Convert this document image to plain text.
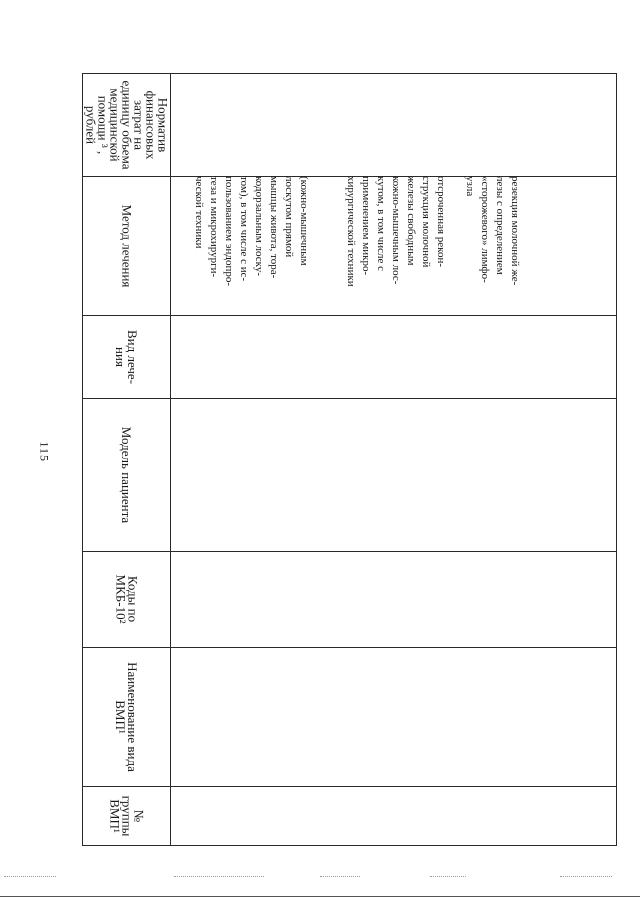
115
Норматив
финансовых
затрат на
единицу объема
медицинской
помощи ³ ,
рублей
Метод лечения
Вид лече-
ния
Модель пациента
Коды по
МКБ-10²
Наименование вида
ВМП¹
№
группы
ВМП¹
(кожно-мышечным
лоскутом прямой
мышцы живота, тора-
кодорзальным лоску-
том), в том числе с ис-
пользованием эндопро-
теза и микрохирурги-
ческой техники	отсроченная рекон-
струкция молочной
железы свободным
кожно-мышечным лос-
кутом, в том числе с
применением микро-
хирургической техники
резекция молочной же-
лезы с определением
«сторожевого» лимфо-
узла
